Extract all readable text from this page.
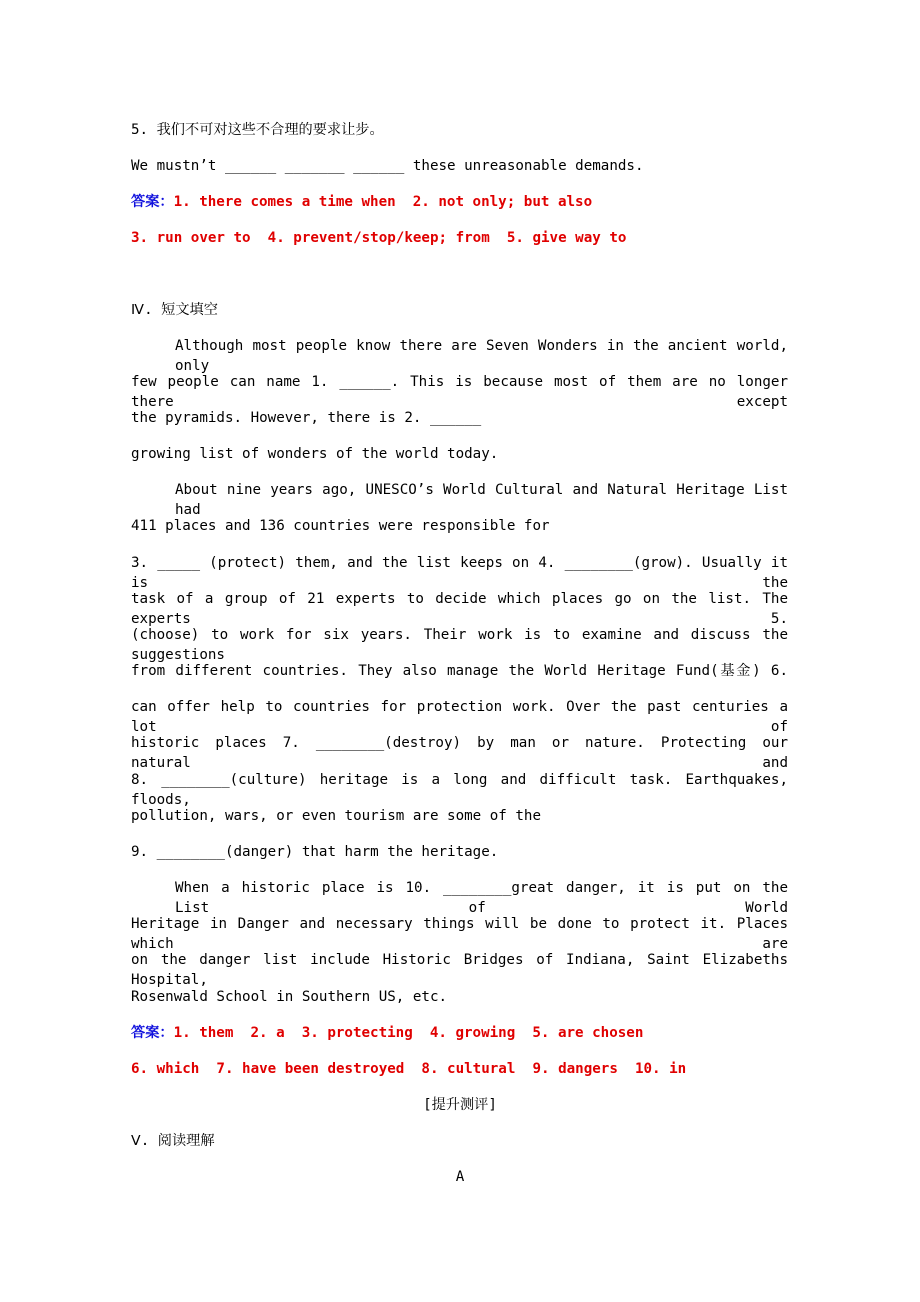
5. 我们不可对这些不合理的要求让步。
We mustn’t ______ _______ ______ these unreasonable demands.
答案：1. there comes a time when  2. not only; but also
3. run over to  4. prevent/stop/keep; from  5. give way to
Ⅳ. 短文填空
Although most people know there are Seven Wonders in the ancient world, only
few people can name 1. ______. This is because most of them are no longer there except
the pyramids. However, there is 2. ______
growing list of wonders of the world today.
About nine years ago, UNESCO’s World Cultural and Natural Heritage List had
411 places and 136 countries were responsible for
3. _____ (protect) them, and the list keeps on 4. ________(grow). Usually it is the
task of a group of 21 experts to decide which places go on the list. The experts 5.
(choose) to work for six years. Their work is to examine and discuss the suggestions
from different countries. They also manage the World Heritage Fund(基金) 6.
can offer help to countries for protection work. Over the past centuries a lot of
historic places 7. ________(destroy) by man or nature. Protecting our natural and
8. ________(culture) heritage is a long and difficult task. Earthquakes, floods,
pollution, wars, or even tourism are some of the
9. ________(danger) that harm the heritage.
When a historic place is 10. ________great danger, it is put on the List of World
Heritage in Danger and necessary things will be done to protect it. Places which are
on the danger list include Historic Bridges of Indiana, Saint Elizabeths Hospital,
Rosenwald School in Southern US, etc.
答案：1. them  2. a  3. protecting  4. growing  5. are chosen
6. which  7. have been destroyed  8. cultural  9. dangers  10. in
[提升测评]
Ⅴ. 阅读理解
A
